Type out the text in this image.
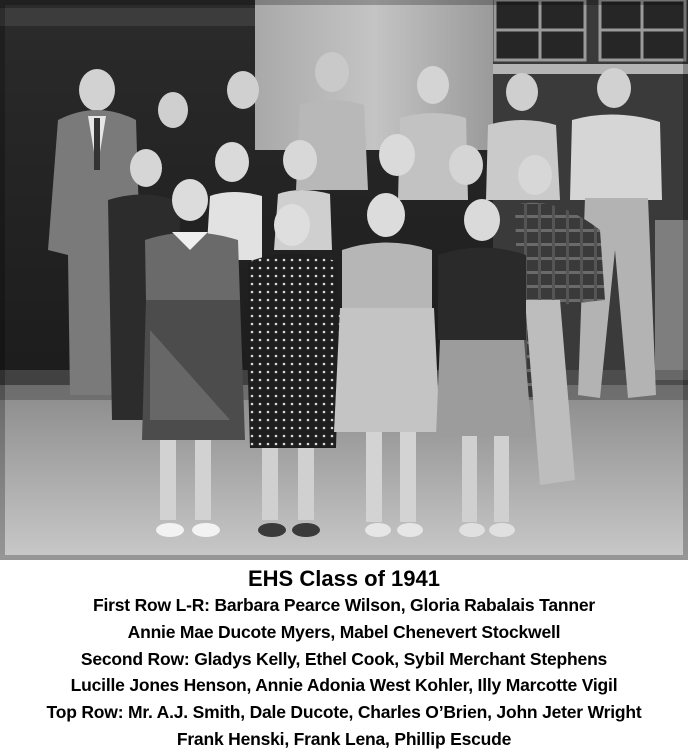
EHS Class of 1941
First Row L-R: Barbara Pearce Wilson, Gloria Rabalais Tanner
Annie Mae Ducote Myers, Mabel Chenevert Stockwell
Second Row: Gladys Kelly, Ethel Cook, Sybil Merchant Stephens
Lucille Jones Henson, Annie Adonia West Kohler, Illy Marcotte Vigil
Top Row: Mr. A.J. Smith, Dale Ducote, Charles O’Brien, John Jeter Wright
Frank Henski, Frank Lena, Phillip Escude
